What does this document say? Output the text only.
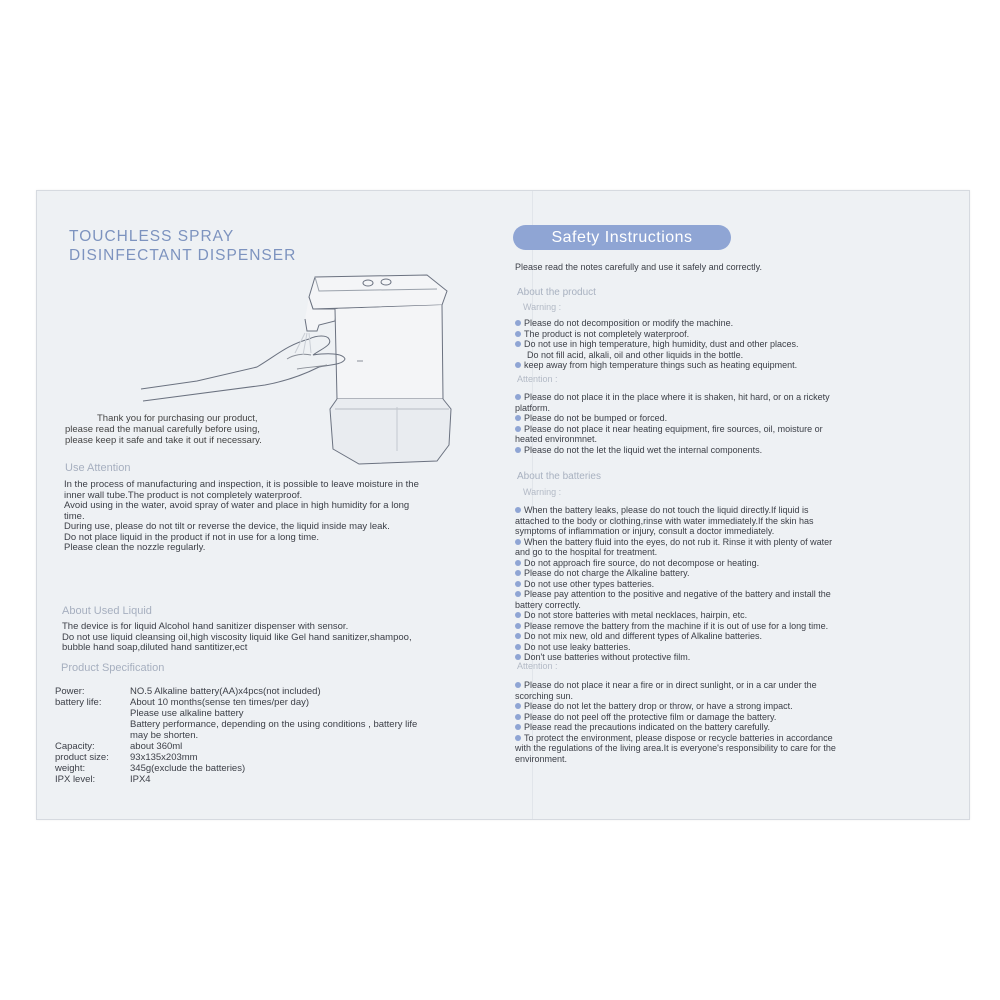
TOUCHLESS SPRAY
DISINFECTANT DISPENSER
Thank you for purchasing our product,
please read the manual carefully before using,
please keep it safe and take it out if necessary.
Use Attention
In the process of manufacturing and inspection, it is possible to leave moisture in the
inner wall tube.The product is not completely waterproof.
Avoid using in the water, avoid spray of water and place in high humidity for a long
time.
During use, please do not tilt or reverse the device, the liquid inside may leak.
Do not place liquid in the product if not in use for a long time.
Please clean the nozzle regularly.
About Used Liquid
The device is for liquid Alcohol hand sanitizer dispenser with sensor.
Do not use liquid cleansing oil,high viscosity liquid like Gel hand sanitizer,shampoo,
bubble hand soap,diluted hand santitizer,ect
Product Specification
Power:	NO.5 Alkaline battery(AA)x4pcs(not included)
battery life:	About 10 months(sense ten times/per day)
Please use alkaline battery
Battery performance, depending on the using conditions , battery life
may be shorten.
Capacity:	about 360ml
product size:	93x135x203mm
weight:	345g(exclude the batteries)
IPX level:	IPX4
Safety Instructions
Please read the notes carefully and use it safely and correctly.
About the product
Warning :
Please do not decomposition or modify the machine.
The product is not completely waterproof.
Do not use in high temperature, high humidity, dust and other places.
Do not fill acid, alkali, oil and other liquids in the bottle.
keep away from high temperature things such as heating equipment.
Attention :
Please do not place it in the place where it is shaken, hit hard, or on a rickety
platform.
Please do not be bumped or forced.
Please do not place it near heating equipment, fire sources, oil, moisture or
heated environmnet.
Please do not the let the liquid wet the internal components.
About the batteries
Warning :
When the battery leaks, please do not touch the liquid directly.If liquid is
attached to the body or clothing,rinse with water immediately.If the skin has
symptoms of inflammation or injury, consult a doctor immediately.
When the battery fluid into the eyes, do not rub it. Rinse it with plenty of water
and go to the hospital for treatment.
Do not approach fire source, do not decompose or heating.
Please do not charge the Alkaline battery.
Do not use other types batteries.
Please pay attention to the positive and negative of the battery and install the
battery correctly.
Do not store batteries with metal necklaces, hairpin, etc.
Please remove the battery from the machine if it is out of use for a long time.
Do not mix new, old and different types of Alkaline batteries.
Do not use leaky batteries.
Don't use batteries without protective film.
Attention :
Please do not place it near a fire or in direct sunlight, or in a car under the
scorching sun.
Please do not let the battery drop or throw, or have a strong impact.
Please do not peel off the protective film or damage the battery.
Please read the precautions indicated on the battery carefully.
To protect the environment, please dispose or recycle batteries in accordance
with the regulations of the living area.It is everyone's responsibility to care for the
environment.
